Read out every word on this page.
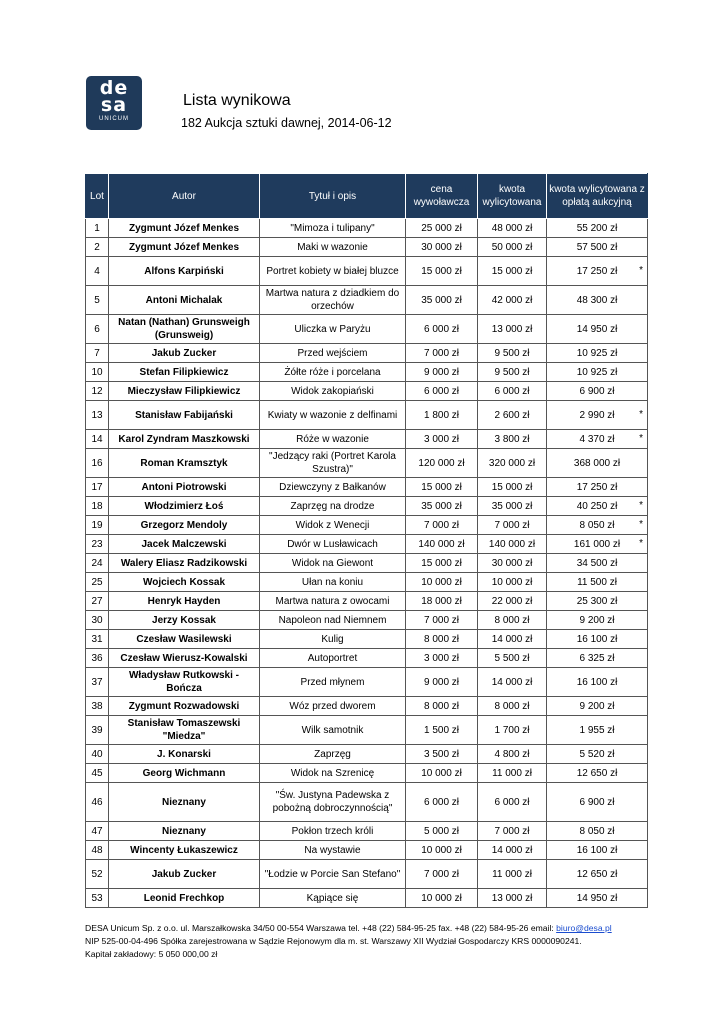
de
sa
UNICUM
Lista wynikowa
182 Aukcja sztuki dawnej, 2014-06-12
Lot	Autor	Tytuł i opis	cena wywoławcza	kwota wylicytowana	kwota wylicytowana z opłatą aukcyjną
1	Zygmunt Józef Menkes	"Mimoza i tulipany"	25 000 zł	48 000 zł	55 200 zł

2	Zygmunt Józef Menkes	Maki w wazonie	30 000 zł	50 000 zł	57 500 zł

4	Alfons Karpiński	Portret kobiety w białej bluzce	15 000 zł	15 000 zł	17 250 zł *

5	Antoni Michalak	Martwa natura z dziadkiem do orzechów	35 000 zł	42 000 zł	48 300 zł

6	Natan (Nathan) Grunsweigh (Grunsweig)	Uliczka w Paryżu	6 000 zł	13 000 zł	14 950 zł

7	Jakub Zucker	Przed wejściem	7 000 zł	9 500 zł	10 925 zł

10	Stefan Filipkiewicz	Żółte róże i porcelana	9 000 zł	9 500 zł	10 925 zł

12	Mieczysław Filipkiewicz	Widok zakopiański	6 000 zł	6 000 zł	6 900 zł

13	Stanisław Fabijański	Kwiaty w wazonie z delfinami	1 800 zł	2 600 zł	2 990 zł *

14	Karol Zyndram Maszkowski	Róże w wazonie	3 000 zł	3 800 zł	4 370 zł *

16	Roman Kramsztyk	"Jedzący raki (Portret Karola Szustra)"	120 000 zł	320 000 zł	368 000 zł

17	Antoni Piotrowski	Dziewczyny z Bałkanów	15 000 zł	15 000 zł	17 250 zł

18	Włodzimierz Łoś	Zaprzęg na drodze	35 000 zł	35 000 zł	40 250 zł *

19	Grzegorz Mendoly	Widok z Wenecji	7 000 zł	7 000 zł	8 050 zł *

23	Jacek Malczewski	Dwór w Lusławicach	140 000 zł	140 000 zł	161 000 zł *

24	Walery Eliasz Radzikowski	Widok na Giewont	15 000 zł	30 000 zł	34 500 zł

25	Wojciech Kossak	Ułan na koniu	10 000 zł	10 000 zł	11 500 zł

27	Henryk Hayden	Martwa natura z owocami	18 000 zł	22 000 zł	25 300 zł

30	Jerzy Kossak	Napoleon nad Niemnem	7 000 zł	8 000 zł	9 200 zł

31	Czesław Wasilewski	Kulig	8 000 zł	14 000 zł	16 100 zł

36	Czesław Wierusz-Kowalski	Autoportret	3 000 zł	5 500 zł	6 325 zł

37	Władysław Rutkowski - Bończa	Przed młynem	9 000 zł	14 000 zł	16 100 zł

38	Zygmunt Rozwadowski	Wóz przed dworem	8 000 zł	8 000 zł	9 200 zł

39	Stanisław Tomaszewski "Miedza"	Wilk samotnik	1 500 zł	1 700 zł	1 955 zł

40	J. Konarski	Zaprzęg	3 500 zł	4 800 zł	5 520 zł

45	Georg Wichmann	Widok na Szrenicę	10 000 zł	11 000 zł	12 650 zł

46	Nieznany	"Św. Justyna Padewska z pobożną dobroczynnością"	6 000 zł	6 000 zł	6 900 zł

47	Nieznany	Pokłon trzech króli	5 000 zł	7 000 zł	8 050 zł

48	Wincenty Łukaszewicz	Na wystawie	10 000 zł	14 000 zł	16 100 zł

52	Jakub Zucker	"Łodzie w Porcie San Stefano"	7 000 zł	11 000 zł	12 650 zł

53	Leonid Frechkop	Kąpiące się	10 000 zł	13 000 zł	14 950 zł
DESA Unicum Sp. z o.o. ul. Marszałkowska 34/50 00-554 Warszawa tel. +48 (22) 584-95-25 fax. +48 (22) 584-95-26 email: biuro@desa.pl
NIP 525-00-04-496 Spółka zarejestrowana w Sądzie Rejonowym dla m. st. Warszawy XII Wydział Gospodarczy KRS 0000090241.
Kapitał zakładowy: 5 050 000,00 zł
